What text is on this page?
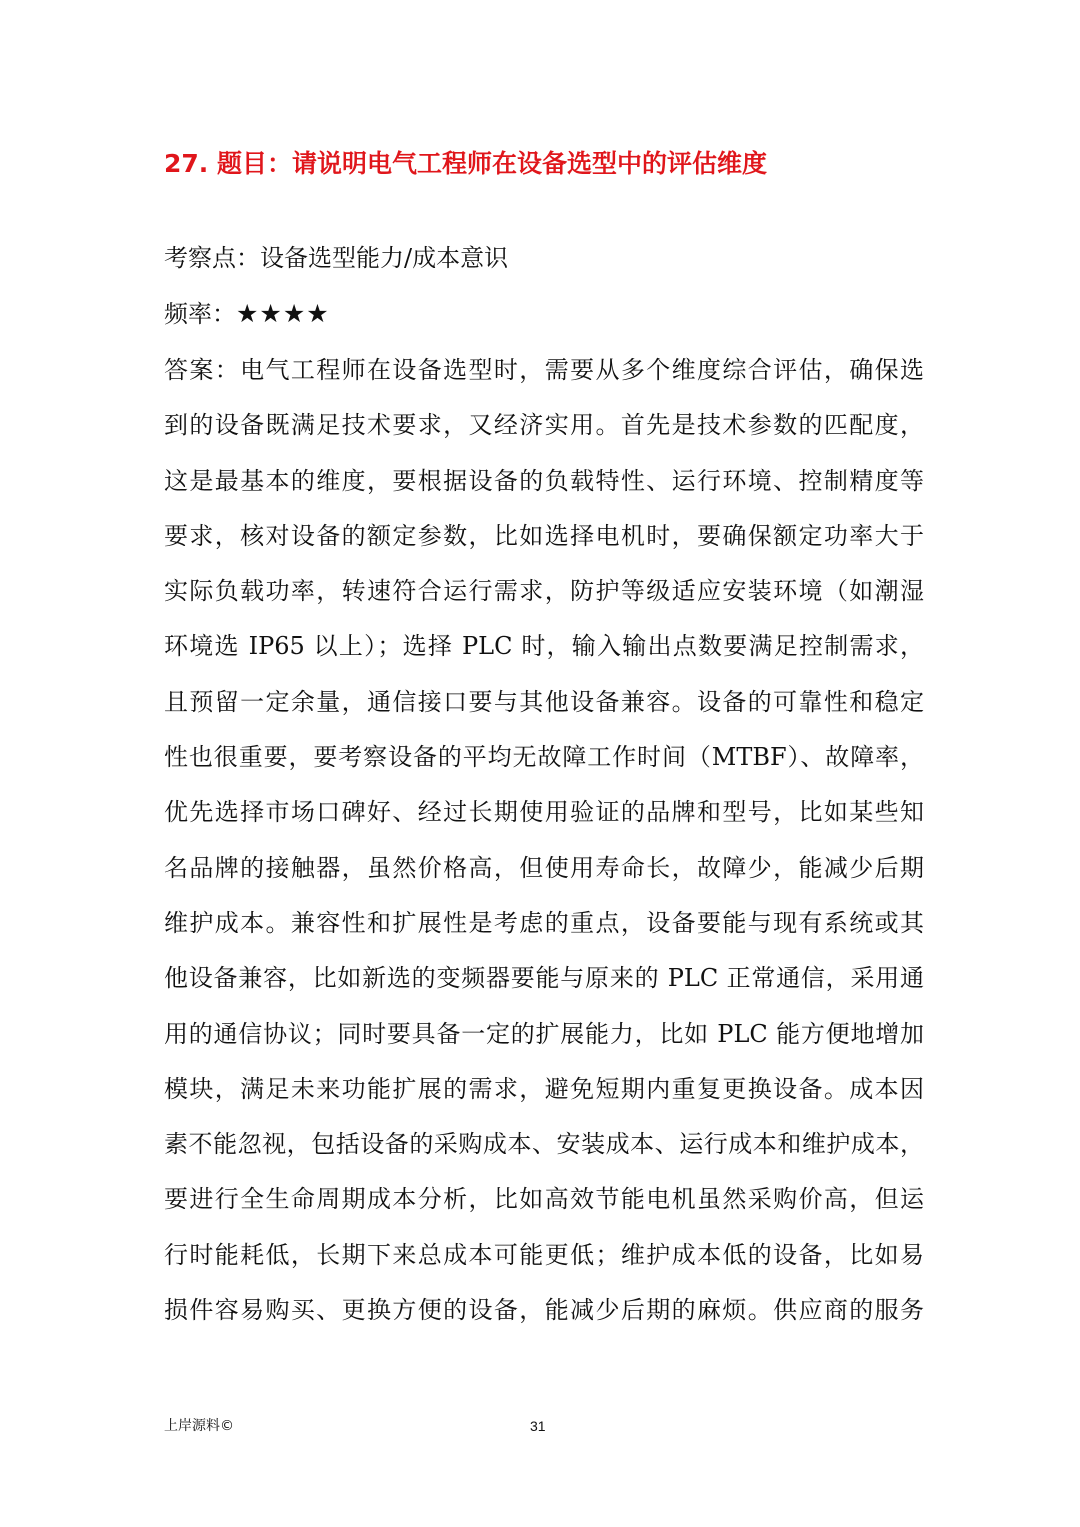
27. 题目：请说明电气工程师在设备选型中的评估维度
考察点：设备选型能力/成本意识
频率：★★★★
答案：电气工程师在设备选型时，需要从多个维度综合评估，确保选
到的设备既满足技术要求，又经济实用。首先是技术参数的匹配度，
这是最基本的维度，要根据设备的负载特性、运行环境、控制精度等
要求，核对设备的额定参数，比如选择电机时，要确保额定功率大于
实际负载功率，转速符合运行需求，防护等级适应安装环境（如潮湿
环境选 IP65 以上）；选择 PLC 时，输入输出点数要满足控制需求，
且预留一定余量，通信接口要与其他设备兼容。设备的可靠性和稳定
性也很重要，要考察设备的平均无故障工作时间（MTBF）、故障率，
优先选择市场口碑好、经过长期使用验证的品牌和型号，比如某些知
名品牌的接触器，虽然价格高，但使用寿命长，故障少，能减少后期
维护成本。兼容性和扩展性是考虑的重点，设备要能与现有系统或其
他设备兼容，比如新选的变频器要能与原来的 PLC 正常通信，采用通
用的通信协议；同时要具备一定的扩展能力，比如 PLC 能方便地增加
模块，满足未来功能扩展的需求，避免短期内重复更换设备。成本因
素不能忽视，包括设备的采购成本、安装成本、运行成本和维护成本，
要进行全生命周期成本分析，比如高效节能电机虽然采购价高，但运
行时能耗低，长期下来总成本可能更低；维护成本低的设备，比如易
损件容易购买、更换方便的设备，能减少后期的麻烦。供应商的服务
上岸源料©	31
